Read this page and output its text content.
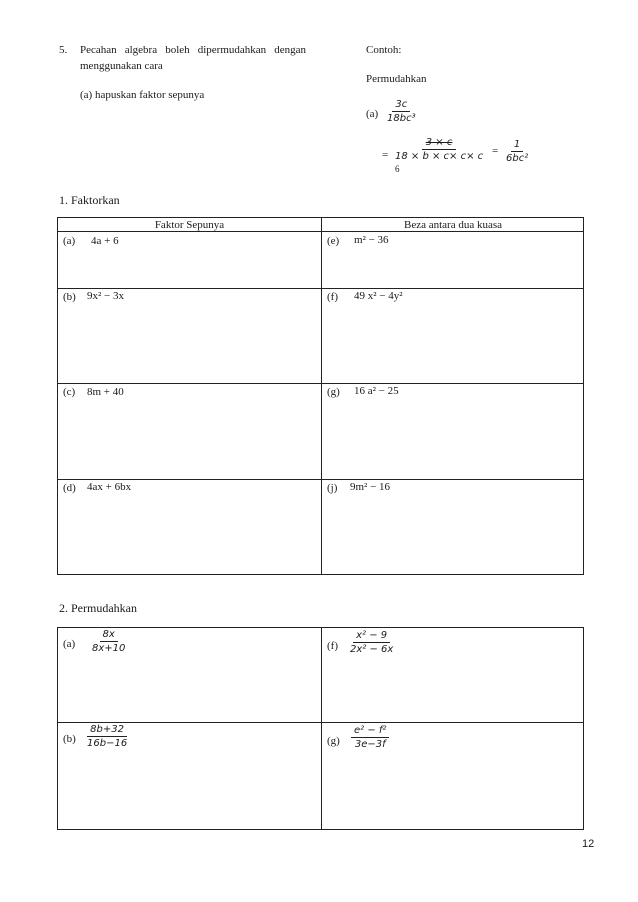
5. Pecahan algebra boleh dipermudahkan dengan
menggunakan cara
(a) hapuskan faktor sepunya
Contoh:
Permudahkan
$(a) \frac{3c}{\text{18bc³}}$
= $\frac{3 \times c}{18 \times b \times c\times c\times c}$
6
= $\frac{1}{\text{6bc²}}$
1. Faktorkan
Faktor Sepunya	Beza antara dua kuasa
(a) 4a + 6	(e) m² − 36
(b) 9x² − 3x	(f) 49 x² − 4y²
(c) 8m + 40	(g) 16 a² − 25
(d) 4ax + 6bx	(j) 9m² − 16
2. Permudahkan
$(a) \frac{8x}{8x+10}$	$(f) \frac{\text{x² − 9}}{\text{2x² − 6x}}$
$(b) \frac{8b+32}{16b-16}$	$(g) \frac{\text{e² − f²}}{3e-3f}$
12
